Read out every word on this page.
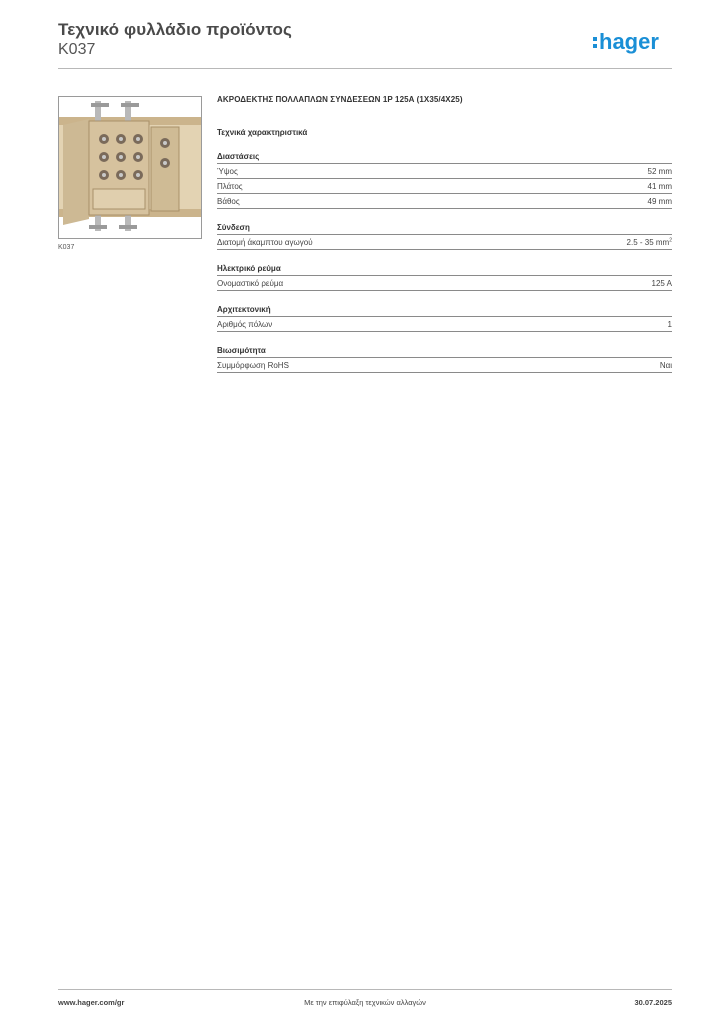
Τεχνικό φυλλάδιο προϊόντος
K037	hager
K037
ΑΚΡΟΔΕΚΤΗΣ ΠΟΛΛΑΠΛΩΝ ΣΥΝΔΕΣΕΩΝ 1P 125A (1X35/4X25)
Τεχνικά χαρακτηριστικά
Διαστάσεις
Ύψος	52 mm
Πλάτος	41 mm
Βάθος	49 mm
Σύνδεση
Διατομή άκαμπτου αγωγού	2.5 - 35 $mm^2$
Ηλεκτρικό ρεύμα
Ονομαστικό ρεύμα	125 A
Αρχιτεκτονική
Αριθμός πόλων	1
Βιωσιμότητα
Συμμόρφωση RoHS	Ναι
www.hager.com/gr	Με την επιφύλαξη τεχνικών αλλαγών	30.07.2025
